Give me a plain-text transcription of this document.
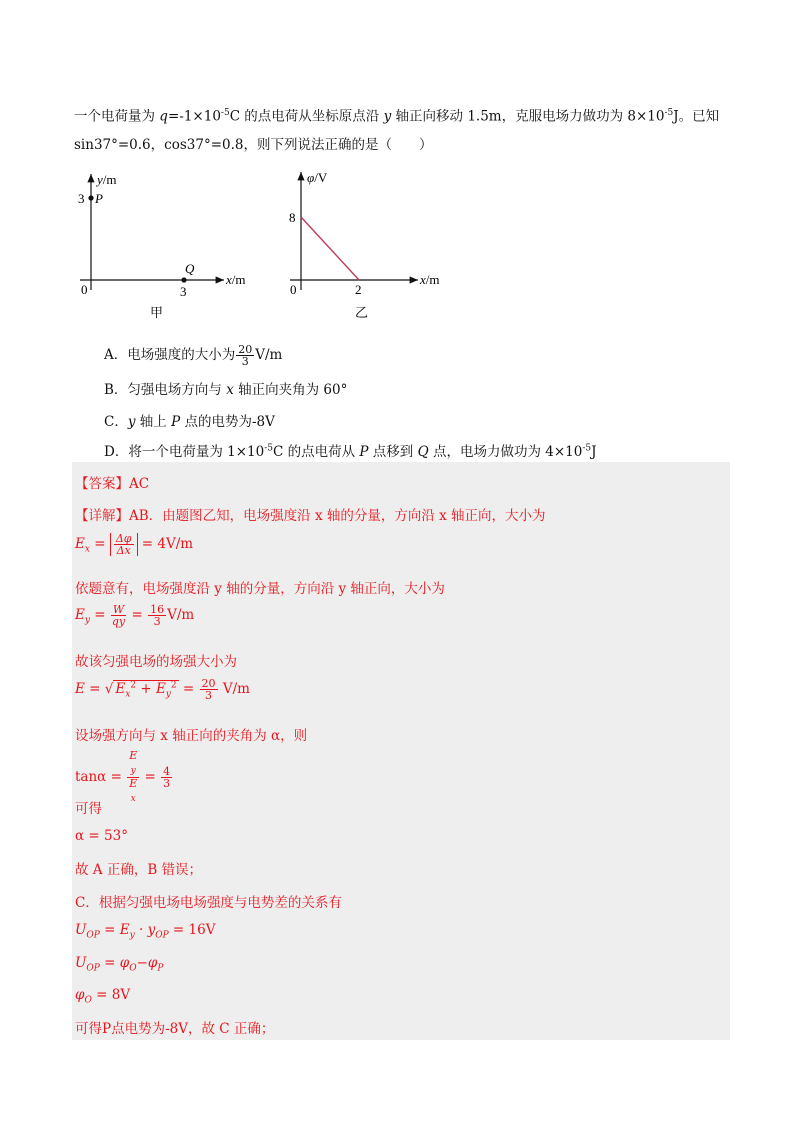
一个电荷量为 $q=-1\times 10^{-5}C$ 的点电荷从坐标原点沿 y 轴正向移动 1.5m，克服电场力做功为 $8\times 10^{-5}J$。已知
sin37°=0.6，cos37°=0.8，则下列说法正确的是（　　）
y/m
x/m
0
3 P
Q
3
甲
φ/V
x/m
0
8
2
乙
A．电场强度的大小为 $\frac{20}{3} V/m$
B．匀强电场方向与 x 轴正向夹角为 60°
C．y 轴上 P 点的电势为-8V
D．将一个电荷量为 $1\times 10^{-5}C$ 的点电荷从 P 点移到 Q 点，电场力做功为 $4\times 10^{-5}J$
【答案】AC
【详解】AB．由题图乙知，电场强度沿 x 轴的分量，方向沿 x 轴正向，大小为
$E_x = \frac{\Delta\varphi}{\Delta x} = 4V/m$
依题意有，电场强度沿 y 轴的分量，方向沿 y 轴正向，大小为
$E_y = \frac{W}{qy} = \frac{16}{3} V/m$
故该匀强电场的场强大小为
E = √ $E_x^2 + E_y^2 = \frac{20}{3} V/m$
设场强方向与 x 轴正向的夹角为 α，则
tanα = E
$_y$
E
$_x = \frac{4}{3}$
可得
α = 53°
故 A 正确，B 错误；
C．根据匀强电场电场强度与电势差的关系有
$U_{OP} = E_y \cdot y_{OP} = 16V$
$U_{OP} = \varphi_O-\varphi_P$
$\varphi_O = 8V$
可得P点电势为-8V，故 C 正确；
